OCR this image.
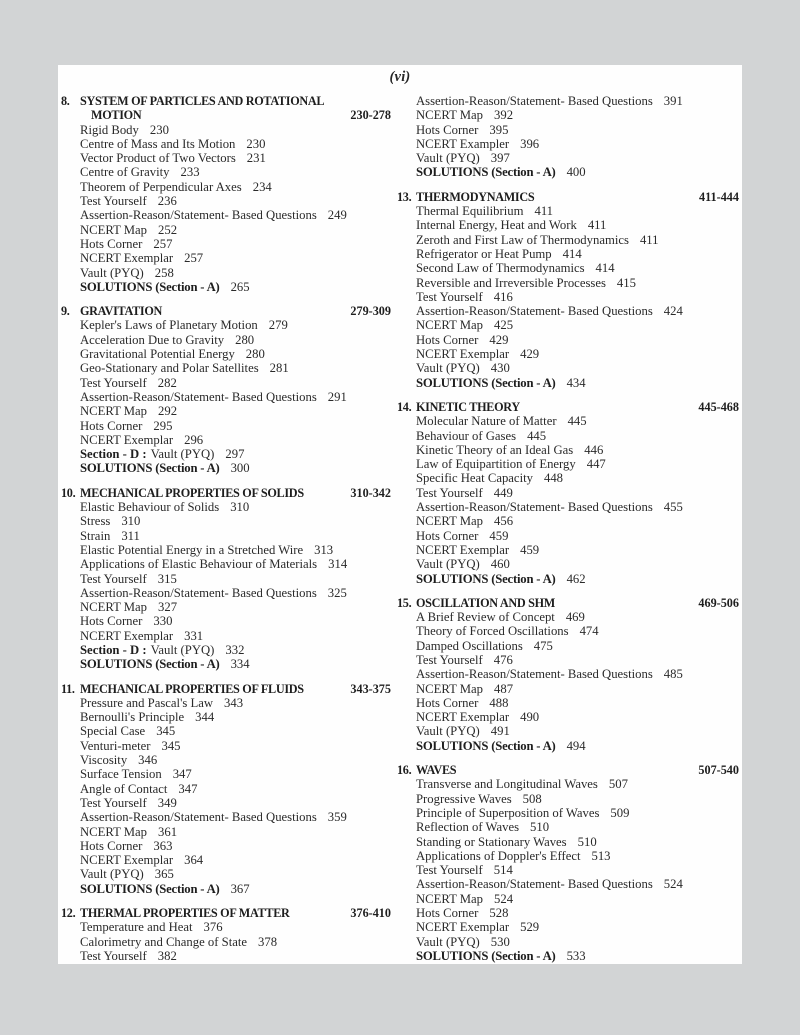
(vi)
8. SYSTEM OF PARTICLES AND ROTATIONAL
MOTION	230-278
Rigid Body 230
Centre of Mass and Its Motion 230
Vector Product of Two Vectors 231
Centre of Gravity 233
Theorem of Perpendicular Axes 234
Test Yourself 236
Assertion-Reason/Statement- Based Questions 249
NCERT Map 252
Hots Corner 257
NCERT Exemplar 257
Vault (PYQ) 258
SOLUTIONS (Section - A) 265
9. GRAVITATION	279-309
Kepler's Laws of Planetary Motion 279
Acceleration Due to Gravity 280
Gravitational Potential Energy 280
Geo-Stationary and Polar Satellites 281
Test Yourself 282
Assertion-Reason/Statement- Based Questions 291
NCERT Map 292
Hots Corner 295
NCERT Exemplar 296
Section - D : Vault (PYQ) 297
SOLUTIONS (Section - A) 300
10. MECHANICAL PROPERTIES OF SOLIDS	310-342
Elastic Behaviour of Solids 310
Stress 310
Strain 311
Elastic Potential Energy in a Stretched Wire 313
Applications of Elastic Behaviour of Materials 314
Test Yourself 315
Assertion-Reason/Statement- Based Questions 325
NCERT Map 327
Hots Corner 330
NCERT Exemplar 331
Section - D : Vault (PYQ) 332
SOLUTIONS (Section - A) 334
11. MECHANICAL PROPERTIES OF FLUIDS	343-375
Pressure and Pascal's Law 343
Bernoulli's Principle 344
Special Case 345
Venturi-meter 345
Viscosity 346
Surface Tension 347
Angle of Contact 347
Test Yourself 349
Assertion-Reason/Statement- Based Questions 359
NCERT Map 361
Hots Corner 363
NCERT Exemplar 364
Vault (PYQ) 365
SOLUTIONS (Section - A) 367
12. THERMAL PROPERTIES OF MATTER	376-410
Temperature and Heat 376
Calorimetry and Change of State 378
Test Yourself 382
Assertion-Reason/Statement- Based Questions 391
NCERT Map 392
Hots Corner 395
NCERT Exampler 396
Vault (PYQ) 397
SOLUTIONS (Section - A) 400
13. THERMODYNAMICS	411-444
Thermal Equilibrium 411
Internal Energy, Heat and Work 411
Zeroth and First Law of Thermodynamics 411
Refrigerator or Heat Pump 414
Second Law of Thermodynamics 414
Reversible and Irreversible Processes 415
Test Yourself 416
Assertion-Reason/Statement- Based Questions 424
NCERT Map 425
Hots Corner 429
NCERT Exemplar 429
Vault (PYQ) 430
SOLUTIONS (Section - A) 434
14. KINETIC THEORY	445-468
Molecular Nature of Matter 445
Behaviour of Gases 445
Kinetic Theory of an Ideal Gas 446
Law of Equipartition of Energy 447
Specific Heat Capacity 448
Test Yourself 449
Assertion-Reason/Statement- Based Questions 455
NCERT Map 456
Hots Corner 459
NCERT Exemplar 459
Vault (PYQ) 460
SOLUTIONS (Section - A) 462
15. OSCILLATION AND SHM	469-506
A Brief Review of Concept 469
Theory of Forced Oscillations 474
Damped Oscillations 475
Test Yourself 476
Assertion-Reason/Statement- Based Questions 485
NCERT Map 487
Hots Corner 488
NCERT Exemplar 490
Vault (PYQ) 491
SOLUTIONS (Section - A) 494
16. WAVES	507-540
Transverse and Longitudinal Waves 507
Progressive Waves 508
Principle of Superposition of Waves 509
Reflection of Waves 510
Standing or Stationary Waves 510
Applications of Doppler's Effect 513
Test Yourself 514
Assertion-Reason/Statement- Based Questions 524
NCERT Map 524
Hots Corner 528
NCERT Exemplar 529
Vault (PYQ) 530
SOLUTIONS (Section - A) 533
